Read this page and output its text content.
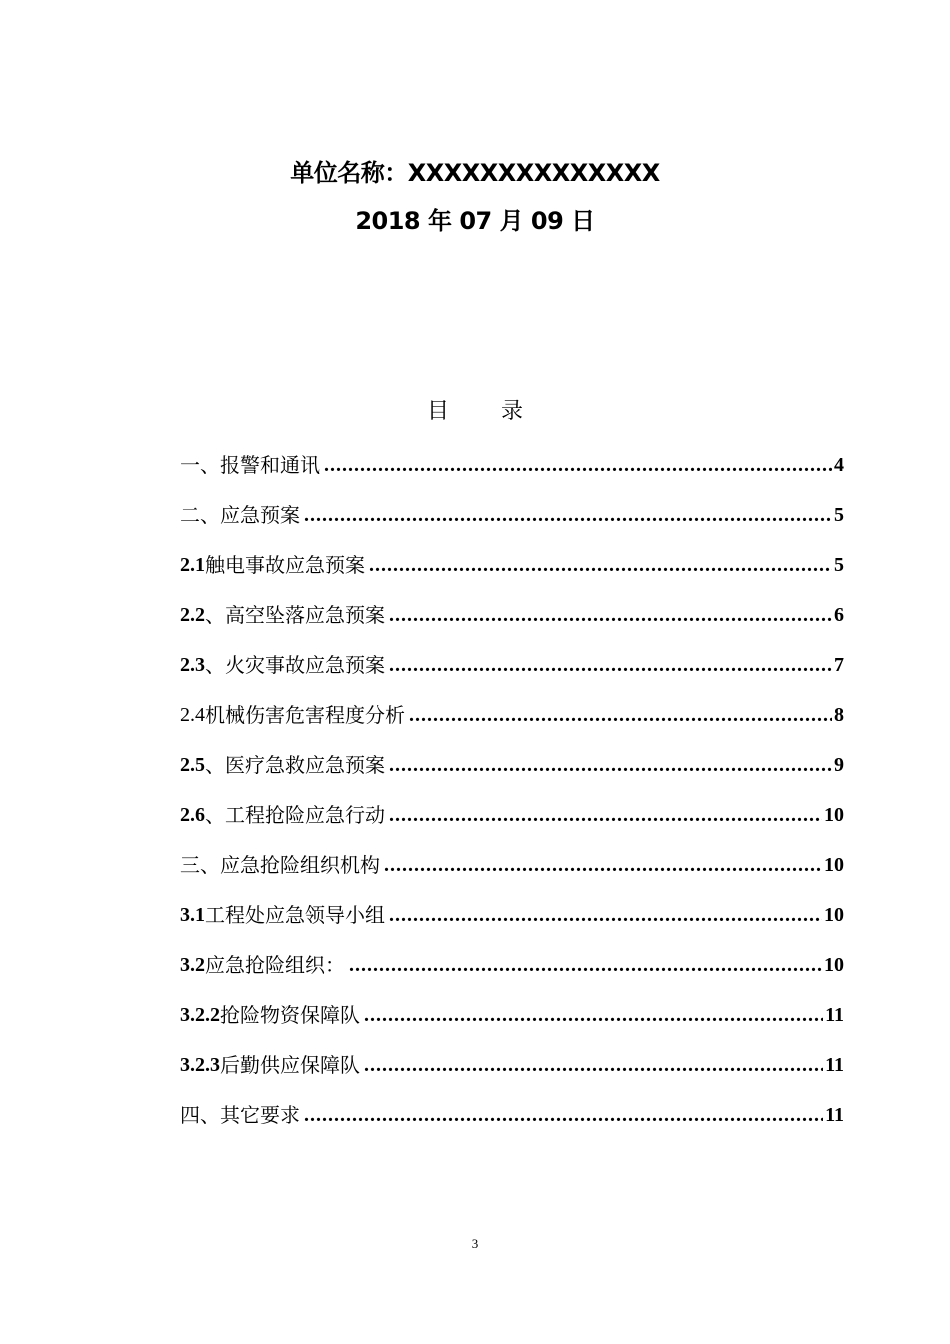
单位名称：XXXXXXXXXXXXXX
2018 年 07 月 09 日
目 录
一、报警和通讯 .....	4
二、应急预案 .....	5
2.1 触电事故应急预案 .....	5
2.2 、高空坠落应急预案 .....	6
2.3 、火灾事故应急预案 .....	7
2.4 机械伤害危害程度分析 .....	8
2.5 、医疗急救应急预案 .....	9
2.6 、工程抢险应急行动 .....	10
三、应急抢险组织机构 .....	10
3.1 工程处应急领导小组 .....	10
3.2 应急抢险组织： .....	10
3.2.2 抢险物资保障队 .....	11
3.2.3 后勤供应保障队 .....	11
四、其它要求 .....	11
3
